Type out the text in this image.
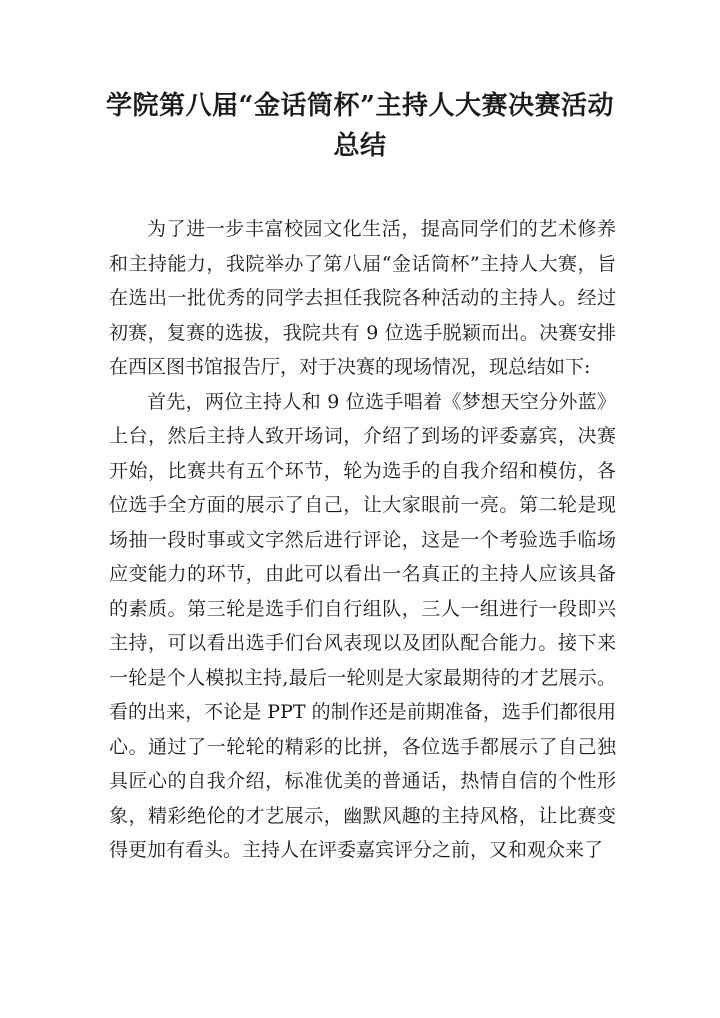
学院第八届“金话筒杯”主持人大赛决赛活动总结

为了进一步丰富校园文化生活，提高同学们的艺术修养和主持能力，我院举办了第八届“金话筒杯”主持人大赛，旨在选出一批优秀的同学去担任我院各种活动的主持人。经过初赛，复赛的选拔，我院共有 9 位选手脱颖而出。决赛安排在西区图书馆报告厅，对于决赛的现场情况，现总结如下:

首先，两位主持人和 9 位选手唱着《梦想天空分外蓝》上台，然后主持人致开场词，介绍了到场的评委嘉宾，决赛开始，比赛共有五个环节，轮为选手的自我介绍和模仿，各位选手全方面的展示了自己，让大家眼前一亮。第二轮是现场抽一段时事或文字然后进行评论，这是一个考验选手临场应变能力的环节，由此可以看出一名真正的主持人应该具备的素质。第三轮是选手们自行组队，三人一组进行一段即兴主持，可以看出选手们台风表现以及团队配合能力。接下来一轮是个人模拟主持,最后一轮则是大家最期待的才艺展示。看的出来，不论是 PPT 的制作还是前期准备，选手们都很用心。通过了一轮轮的精彩的比拼，各位选手都展示了自己独具匠心的自我介绍，标准优美的普通话，热情自信的个性形象，精彩绝伦的才艺展示，幽默风趣的主持风格，让比赛变得更加有看头。主持人在评委嘉宾评分之前，又和观众来了
